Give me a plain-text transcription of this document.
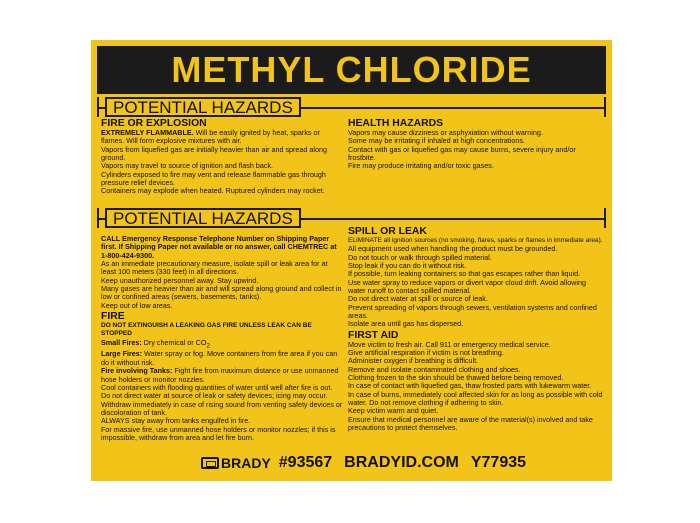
METHYL CHLORIDE
POTENTIAL HAZARDS
FIRE OR EXPLOSION

EXTREMELY FLAMMABLE. Will be easily ignited by heat, sparks or flames. Will form explosive mixtures with air.

Vapors from liquefied gas are initially heavier than air and spread along ground.

Vapors may travel to source of ignition and flash back.

Cylinders exposed to fire may vent and release flammable gas through pressure relief devices.

Containers may explode when heated. Ruptured cylinders may rocket.

HEALTH HAZARDS

Vapors may cause dizziness or asphyxiation without warning.

Some may be irritating if inhaled at high concentrations.

Contact with gas or liquefied gas may cause burns, severe injury and/or frostbite.

Fire may produce irritating and/or toxic gases.

POTENTIAL HAZARDS

CALL Emergency Response Telephone Number on Shipping Paper first. If Shipping Paper not available or no answer, call CHEMTREC at 1-800-424-9300.

As an immediate precautionary measure, isolate spill or leak area for at least 100 meters (330 feet) in all directions.

Keep unauthorized personnel away. Stay upwind.

Many gases are heavier than air and will spread along ground and collect in low or confined areas (sewers, basements, tanks).

Keep out of low areas.

FIRE

DO NOT EXTINGUISH A LEAKING GAS FIRE UNLESS LEAK CAN BE STOPPED

Small Fires: Dry chemical or $CO_2$

Large Fires: Water spray or fog. Move containers from fire area if you can do it without risk.

Fire involving Tanks: Fight fire from maximum distance or use unmanned hose holders or monitor nozzles.

Cool containers with flooding quantities of water until well after fire is out.

Do not direct water at source of leak or safety devices; icing may occur.

Withdraw immediately in case of rising sound from venting safety devices or discoloration of tank.

ALWAYS stay away from tanks engulfed in fire.

For massive fire, use unmanned hose holders or monitor nozzles; if this is impossible, withdraw from area and let fire burn.

SPILL OR LEAK

ELIMINATE all ignition sources (no smoking, flares, sparks or flames in immediate area).

All equipment used when handling the product must be grounded.

Do not touch or walk through spilled material.

Stop leak if you can do it without risk.

If possible, turn leaking containers so that gas escapes rather than liquid.

Use water spray to reduce vapors or divert vapor cloud drift. Avoid allowing water runoff to contact spilled material.

Do not direct water at spill or source of leak.

Prevent spreading of vapors through sewers, ventilation systems and confined areas.

Isolate area until gas has dispersed.

FIRST AID

Move victim to fresh air. Call 911 or emergency medical service.

Give artificial respiration if victim is not breathing.

Administer oxygen if breathing is difficult.

Remove and isolate contaminated clothing and shoes.

Clothing frozen to the skin should be thawed before being removed.

In case of contact with liquefied gas, thaw frosted parts with lukewarm water.

In case of burns, immediately cool affected skin for as long as possible with cold water. Do not remove clothing if adhering to skin.

Keep victim warm and quiet.

Ensure that medical personnel are aware of the material(s) involved and take precautions to protect themselves.

BRADY #93567 BRADYID.COM Y77935
